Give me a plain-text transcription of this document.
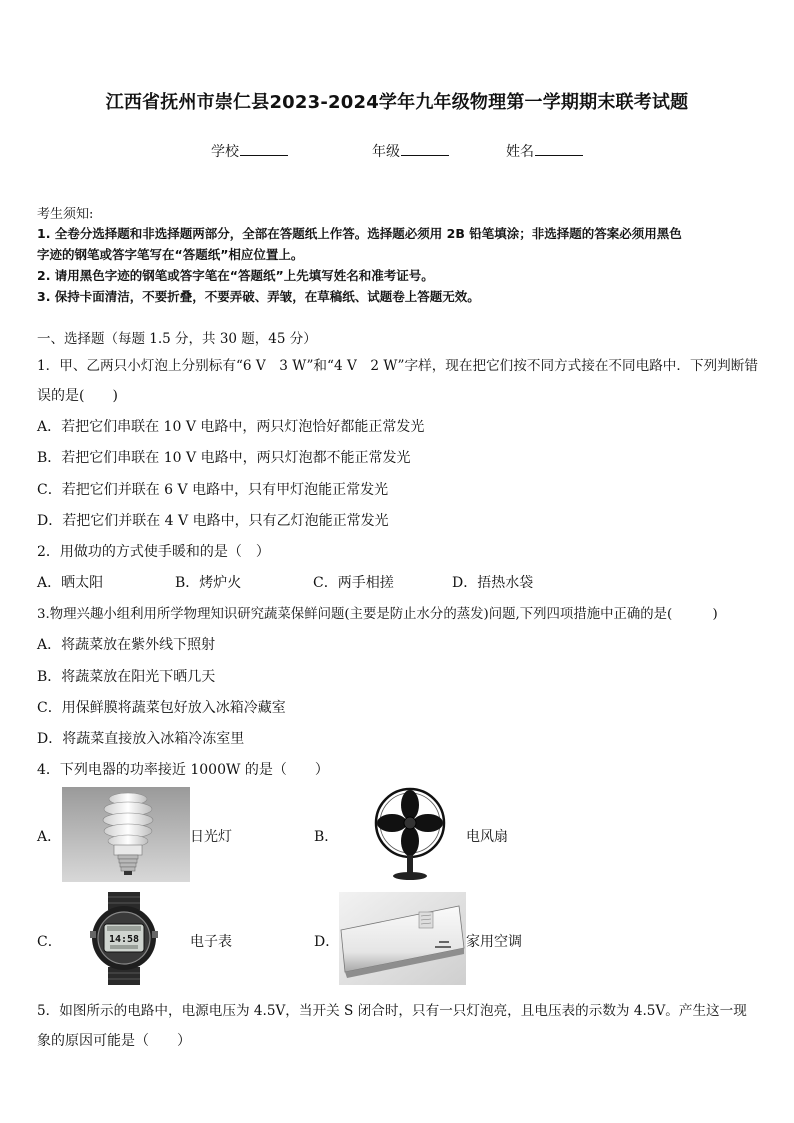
江西省抚州市崇仁县2023-2024学年九年级物理第一学期期末联考试题
学校	年级	姓名
考生须知:
1. 全卷分选择题和非选择题两部分，全部在答题纸上作答。选择题必须用 2B 铅笔填涂；非选择题的答案必须用黑色
字迹的钢笔或答字笔写在“答题纸”相应位置上。
2. 请用黑色字迹的钢笔或答字笔在“答题纸”上先填写姓名和准考证号。
3. 保持卡面清洁，不要折叠，不要弄破、弄皱，在草稿纸、试题卷上答题无效。
一、选择题（每题 1.5 分，共 30 题，45 分）
1．甲、乙两只小灯泡上分别标有“6 V　3 W”和“4 V　2 W”字样，现在把它们按不同方式接在不同电路中．下列判断错
误的是(　　)
A．若把它们串联在 10 V 电路中，两只灯泡恰好都能正常发光
B．若把它们串联在 10 V 电路中，两只灯泡都不能正常发光
C．若把它们并联在 6 V 电路中，只有甲灯泡能正常发光
D．若把它们并联在 4 V 电路中，只有乙灯泡能正常发光
2．用做功的方式使手暖和的是（　）
A．晒太阳	B．烤炉火	C．两手相搓	D．捂热水袋
3.物理兴趣小组利用所学物理知识研究蔬菜保鲜问题(主要是防止水分的蒸发)问题,下列四项措施中正确的是(　　　)
A．将蔬菜放在紫外线下照射
B．将蔬菜放在阳光下晒几天
C．用保鲜膜将蔬菜包好放入冰箱冷藏室
D．将蔬菜直接放入冰箱冷冻室里
4．下列电器的功率接近 1000W 的是（　　）
A．	日光灯	B．	电风扇
C．	14:58	电子表	D．	家用空调
5．如图所示的电路中，电源电压为 4.5V，当开关 S 闭合时，只有一只灯泡亮，且电压表的示数为 4.5V。产生这一现
象的原因可能是（　　）
